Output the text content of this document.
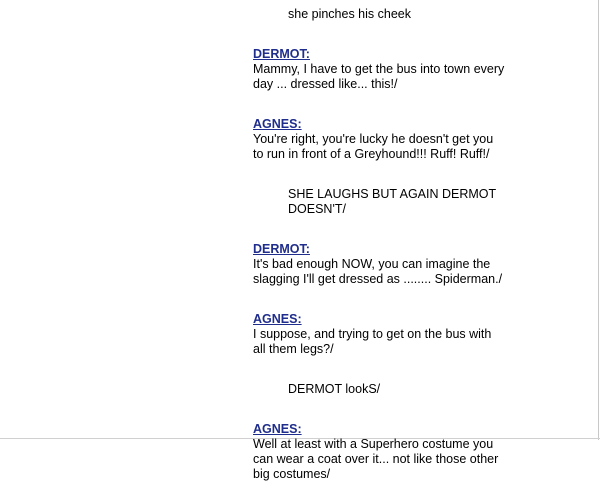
she pinches his cheek
DERMOT:
Mammy, I have to get the bus into town every
day ... dressed like... this!/
AGNES:
You're right, you're lucky he doesn't get you
to run in front of a Greyhound!!! Ruff! Ruff!/
SHE LAUGHS BUT AGAIN DERMOT
DOESN'T/
DERMOT:
It's bad enough NOW, you can imagine the
slagging I'll get dressed as ........ Spiderman./
AGNES:
I suppose, and trying to get on the bus with
all them legs?/
DERMOT lookS/
AGNES:
Well at least with a Superhero costume you
can wear a coat over it... not like those other
big costumes/
